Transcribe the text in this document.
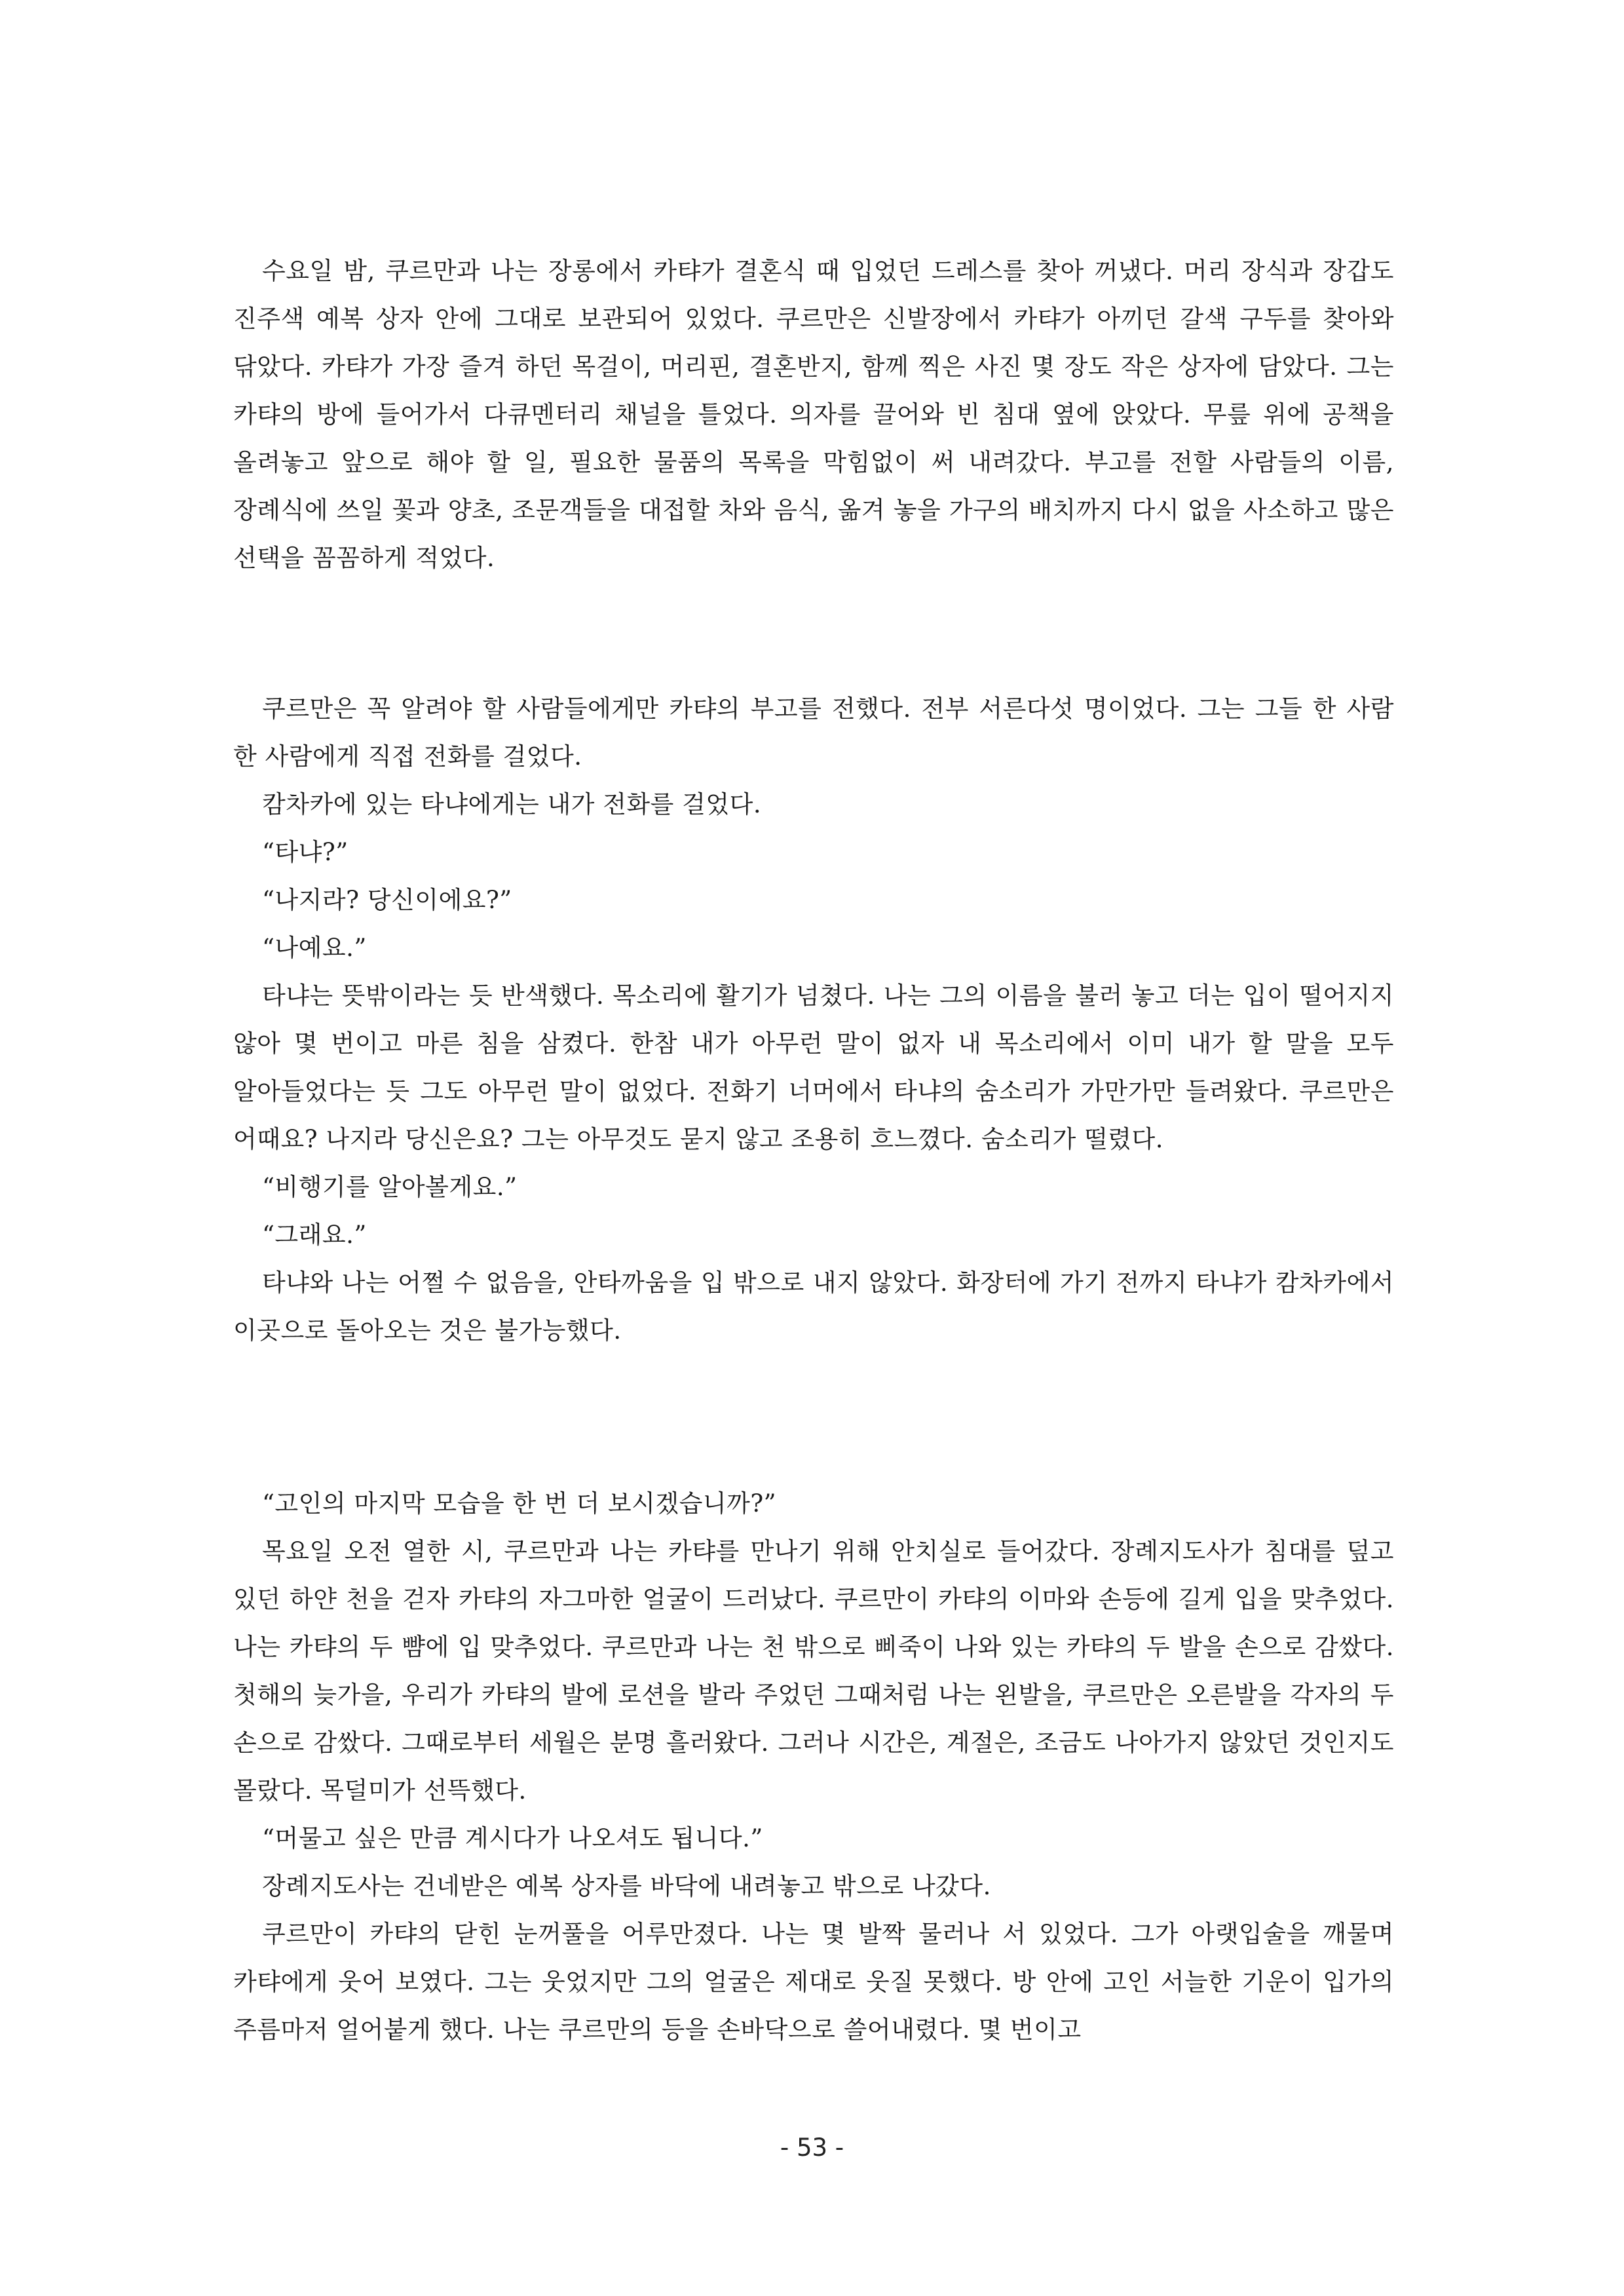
수요일 밤, 쿠르만과 나는 장롱에서 카탸가 결혼식 때 입었던 드레스를 찾아 꺼냈다. 머리 장식과 장갑도 진주색 예복 상자 안에 그대로 보관되어 있었다. 쿠르만은 신발장에서 카탸가 아끼던 갈색 구두를 찾아와 닦았다. 카탸가 가장 즐겨 하던 목걸이, 머리핀, 결혼반지, 함께 찍은 사진 몇 장도 작은 상자에 담았다. 그는 카탸의 방에 들어가서 다큐멘터리 채널을 틀었다. 의자를 끌어와 빈 침대 옆에 앉았다. 무릎 위에 공책을 올려놓고 앞으로 해야 할 일, 필요한 물품의 목록을 막힘없이 써 내려갔다. 부고를 전할 사람들의 이름, 장례식에 쓰일 꽃과 양초, 조문객들을 대접할 차와 음식, 옮겨 놓을 가구의 배치까지 다시 없을 사소하고 많은 선택을 꼼꼼하게 적었다.

쿠르만은 꼭 알려야 할 사람들에게만 카탸의 부고를 전했다. 전부 서른다섯 명이었다. 그는 그들 한 사람 한 사람에게 직접 전화를 걸었다.

캄차카에 있는 타냐에게는 내가 전화를 걸었다.

“타냐?”

“나지라? 당신이에요?”

“나예요.”

타냐는 뜻밖이라는 듯 반색했다. 목소리에 활기가 넘쳤다. 나는 그의 이름을 불러 놓고 더는 입이 떨어지지 않아 몇 번이고 마른 침을 삼켰다. 한참 내가 아무런 말이 없자 내 목소리에서 이미 내가 할 말을 모두 알아들었다는 듯 그도 아무런 말이 없었다. 전화기 너머에서 타냐의 숨소리가 가만가만 들려왔다. 쿠르만은 어때요? 나지라 당신은요? 그는 아무것도 묻지 않고 조용히 흐느꼈다. 숨소리가 떨렸다.

“비행기를 알아볼게요.”

“그래요.”

타냐와 나는 어쩔 수 없음을, 안타까움을 입 밖으로 내지 않았다. 화장터에 가기 전까지 타냐가 캄차카에서 이곳으로 돌아오는 것은 불가능했다.

“고인의 마지막 모습을 한 번 더 보시겠습니까?”

목요일 오전 열한 시, 쿠르만과 나는 카탸를 만나기 위해 안치실로 들어갔다. 장례지도사가 침대를 덮고 있던 하얀 천을 걷자 카탸의 자그마한 얼굴이 드러났다. 쿠르만이 카탸의 이마와 손등에 길게 입을 맞추었다. 나는 카탸의 두 뺨에 입 맞추었다. 쿠르만과 나는 천 밖으로 삐죽이 나와 있는 카탸의 두 발을 손으로 감쌌다. 첫해의 늦가을, 우리가 카탸의 발에 로션을 발라 주었던 그때처럼 나는 왼발을, 쿠르만은 오른발을 각자의 두 손으로 감쌌다. 그때로부터 세월은 분명 흘러왔다. 그러나 시간은, 계절은, 조금도 나아가지 않았던 것인지도 몰랐다. 목덜미가 선뜩했다.

“머물고 싶은 만큼 계시다가 나오셔도 됩니다.”

장례지도사는 건네받은 예복 상자를 바닥에 내려놓고 밖으로 나갔다.

쿠르만이 카탸의 닫힌 눈꺼풀을 어루만졌다. 나는 몇 발짝 물러나 서 있었다. 그가 아랫입술을 깨물며 카탸에게 웃어 보였다. 그는 웃었지만 그의 얼굴은 제대로 웃질 못했다. 방 안에 고인 서늘한 기운이 입가의 주름마저 얼어붙게 했다. 나는 쿠르만의 등을 손바닥으로 쓸어내렸다. 몇 번이고

- 53 -
